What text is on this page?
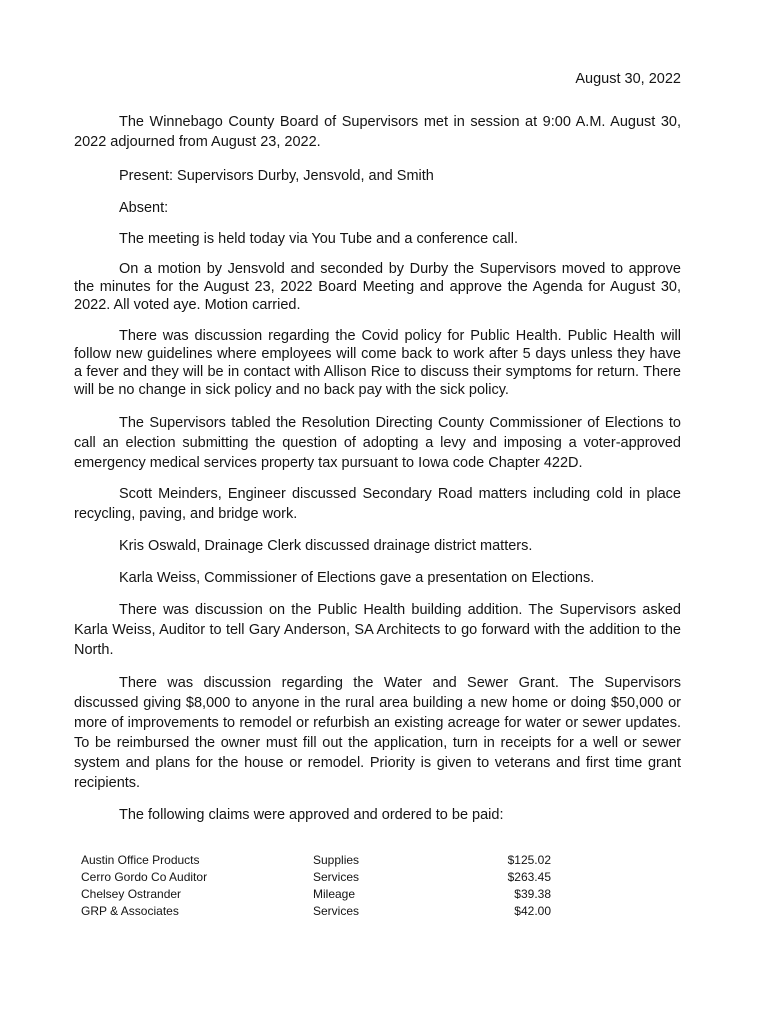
August 30, 2022

The Winnebago County Board of Supervisors met in session at 9:00 A.M. August 30, 2022 adjourned from August 23, 2022.

Present: Supervisors Durby, Jensvold, and Smith

Absent:

The meeting is held today via You Tube and a conference call.

On a motion by Jensvold and seconded by Durby the Supervisors moved to approve the minutes for the August 23, 2022 Board Meeting and approve the Agenda for August 30, 2022. All voted aye. Motion carried.

There was discussion regarding the Covid policy for Public Health. Public Health will follow new guidelines where employees will come back to work after 5 days unless they have a fever and they will be in contact with Allison Rice to discuss their symptoms for return. There will be no change in sick policy and no back pay with the sick policy.

The Supervisors tabled the Resolution Directing County Commissioner of Elections to call an election submitting the question of adopting a levy and imposing a voter-approved emergency medical services property tax pursuant to Iowa code Chapter 422D.

Scott Meinders, Engineer discussed Secondary Road matters including cold in place recycling, paving, and bridge work.

Kris Oswald, Drainage Clerk discussed drainage district matters.

Karla Weiss, Commissioner of Elections gave a presentation on Elections.

There was discussion on the Public Health building addition. The Supervisors asked Karla Weiss, Auditor to tell Gary Anderson, SA Architects to go forward with the addition to the North.

There was discussion regarding the Water and Sewer Grant. The Supervisors discussed giving $8,000 to anyone in the rural area building a new home or doing $50,000 or more of improvements to remodel or refurbish an existing acreage for water or sewer updates. To be reimbursed the owner must fill out the application, turn in receipts for a well or sewer system and plans for the house or remodel. Priority is given to veterans and first time grant recipients.

The following claims were approved and ordered to be paid:

Austin Office Products	Supplies	$125.02
Cerro Gordo Co Auditor	Services	$263.45
Chelsey Ostrander	Mileage	$39.38
GRP & Associates	Services	$42.00
